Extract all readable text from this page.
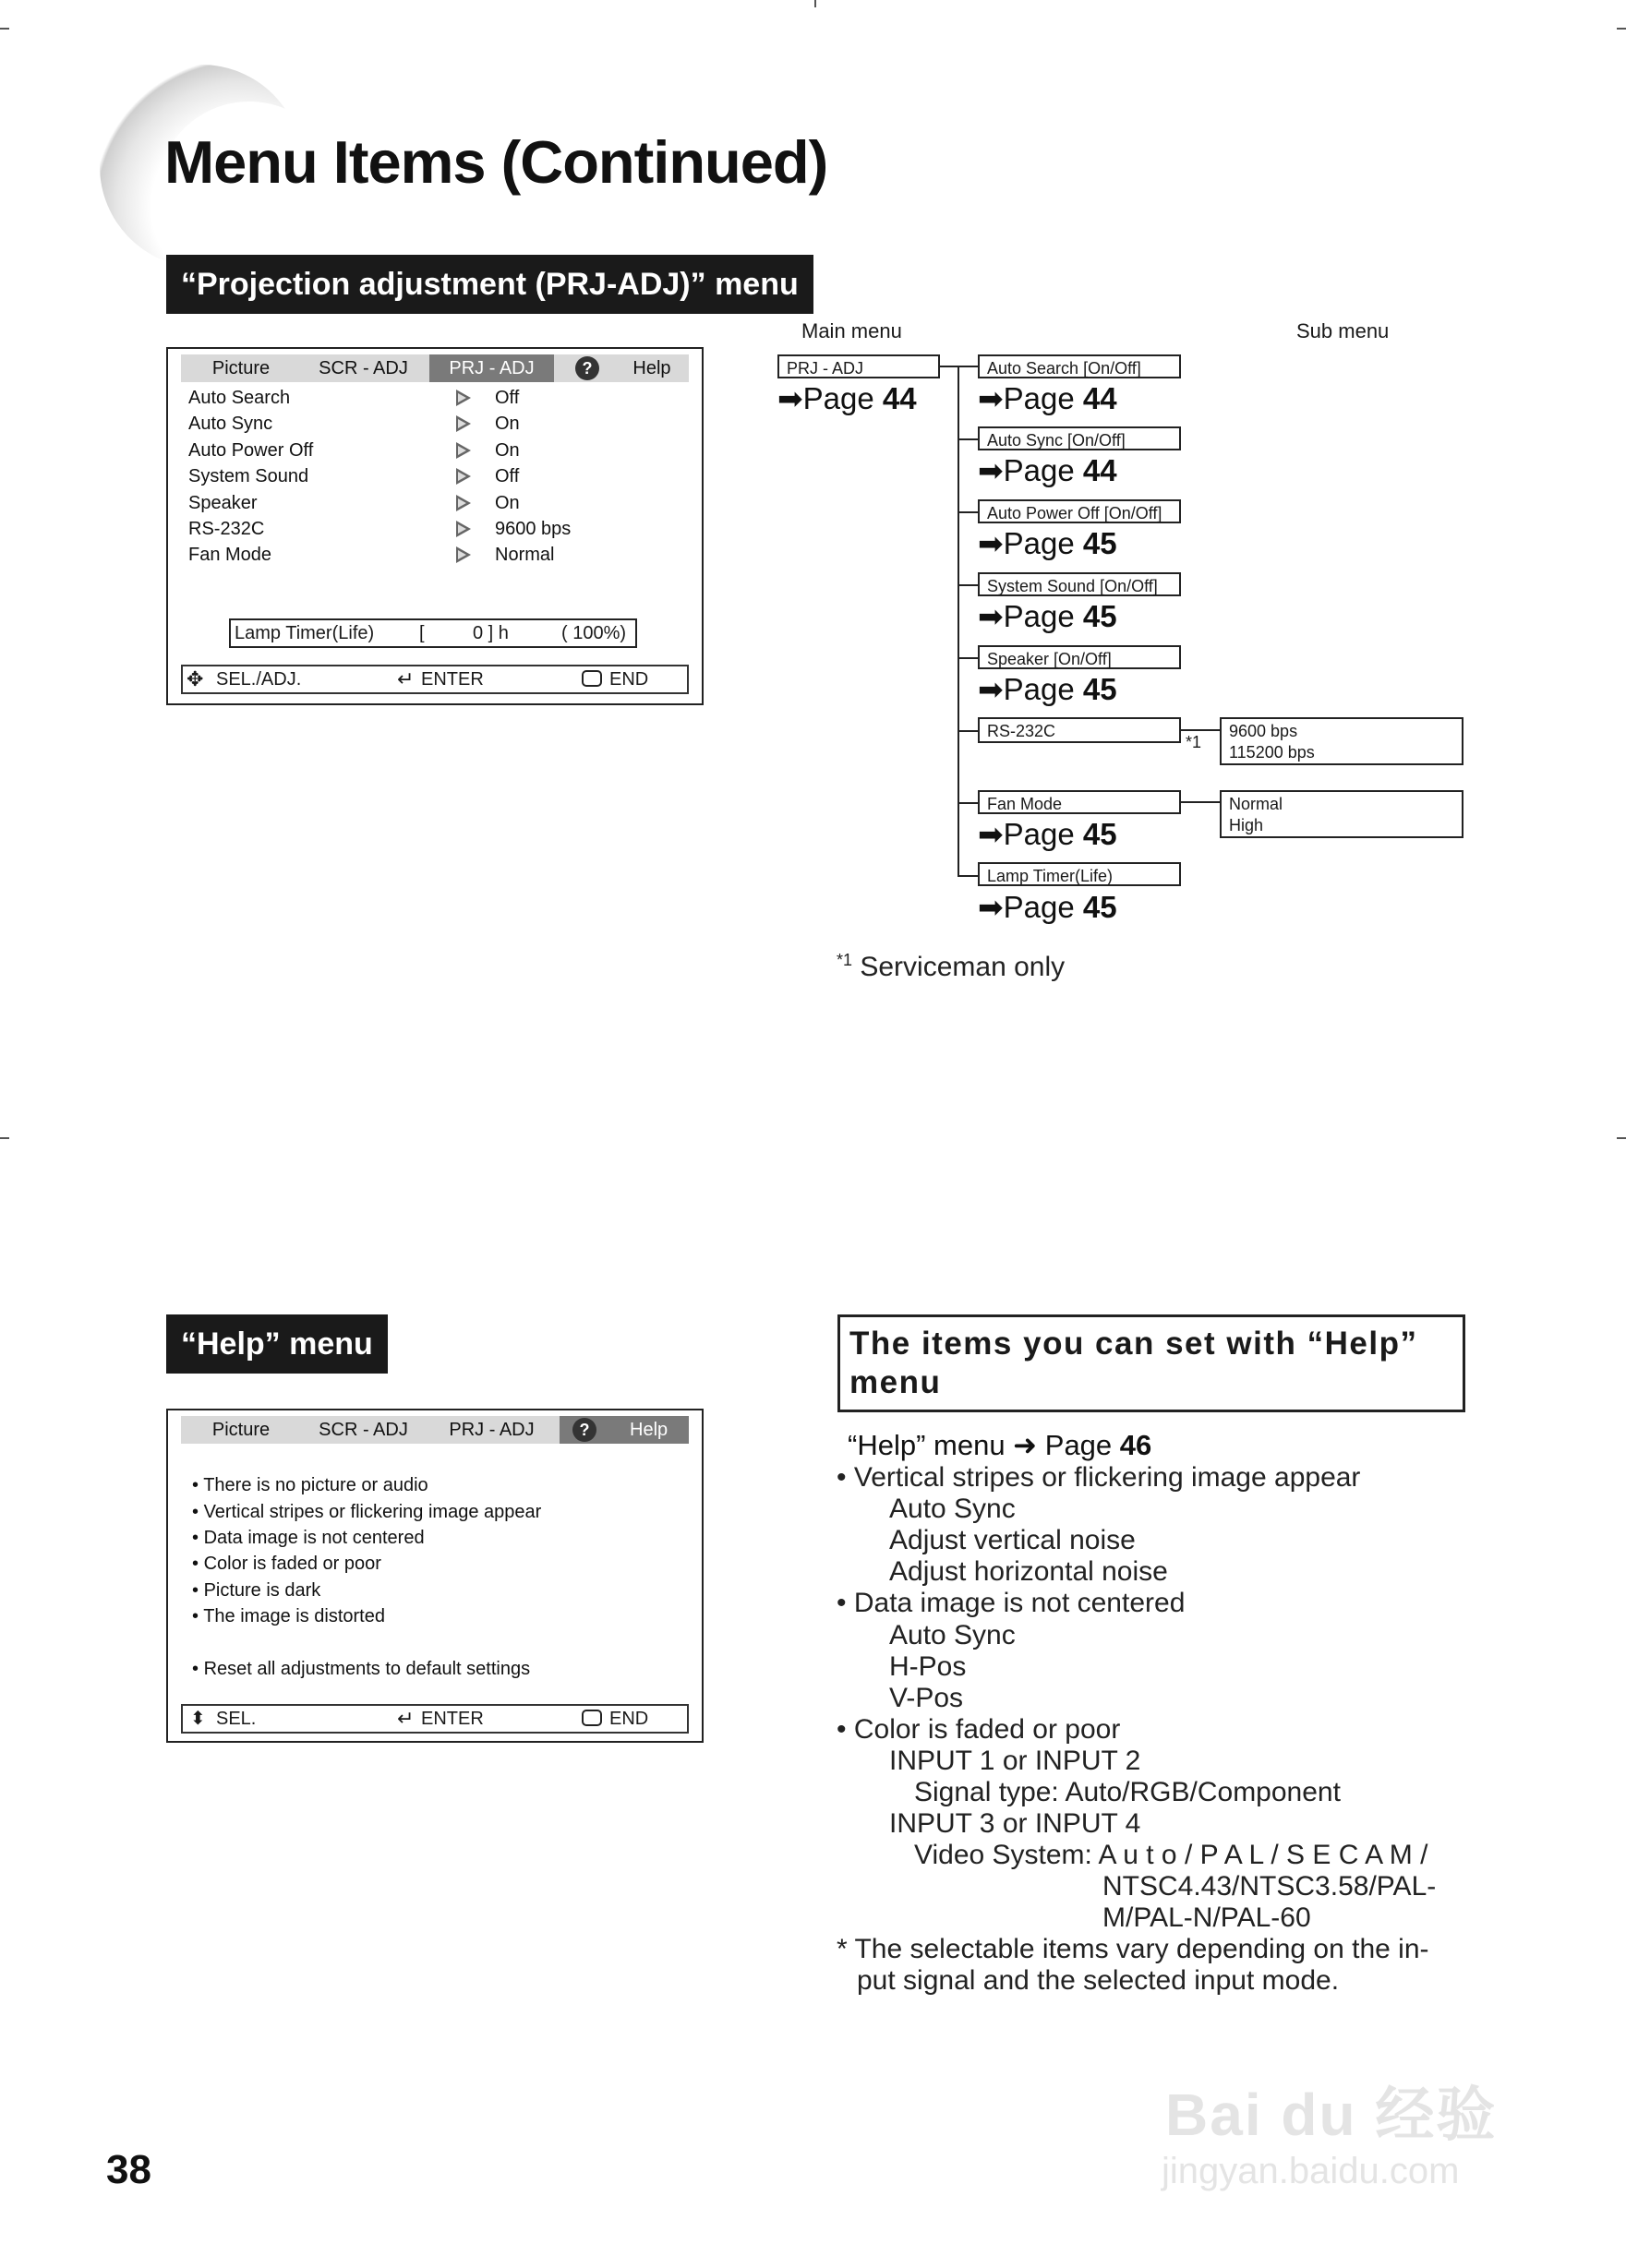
Menu Items (Continued)
“Projection adjustment (PRJ-ADJ)” menu
Picture	SCR - ADJ	PRJ - ADJ	?	Help
Auto Search	Off
Auto Sync	On
Auto Power Off	On
System Sound	Off
Speaker	On
RS-232C	9600 bps
Fan Mode	Normal
Lamp Timer(Life) [	0 ] h	( 100%)
✥ SEL./ADJ.	↵ ENTER	END
Main menu	Sub menu
PRJ - ADJ
➡Page 44
Auto Search [On/Off]
➡Page 44
Auto Sync [On/Off]
➡Page 44
Auto Power Off [On/Off]
➡Page 45
System Sound [On/Off]
➡Page 45
Speaker [On/Off]
➡Page 45
RS-232C
*1
9600 bps
115200 bps
Fan Mode	Normal
High
➡Page 45
Lamp Timer(Life)
➡Page 45
$^{*1}$ Serviceman only
“Help” menu
Picture	SCR - ADJ	PRJ - ADJ	?	Help
• There is no picture or audio
• Vertical stripes or flickering image appear
• Data image is not centered
• Color is faded or poor
• Picture is dark
• The image is distorted
• Reset all adjustments to default settings
⬍ SEL.	↵ ENTER	END
The items you can set with “Help” menu
“Help” menu ➜ Page 46
• Vertical stripes or flickering image appear
Auto Sync
Adjust vertical noise
Adjust horizontal noise
• Data image is not centered
Auto Sync
H-Pos
V-Pos
• Color is faded or poor
INPUT 1 or INPUT 2
Signal type: Auto/RGB/Component
INPUT 3 or INPUT 4
Video System: A u t o / P A L / S E C A M /
NTSC4.43/NTSC3.58/PAL-
M/PAL-N/PAL-60
* The selectable items vary depending on the in-
put signal and the selected input mode.
Bai du 经验
jingyan.baidu.com
38
